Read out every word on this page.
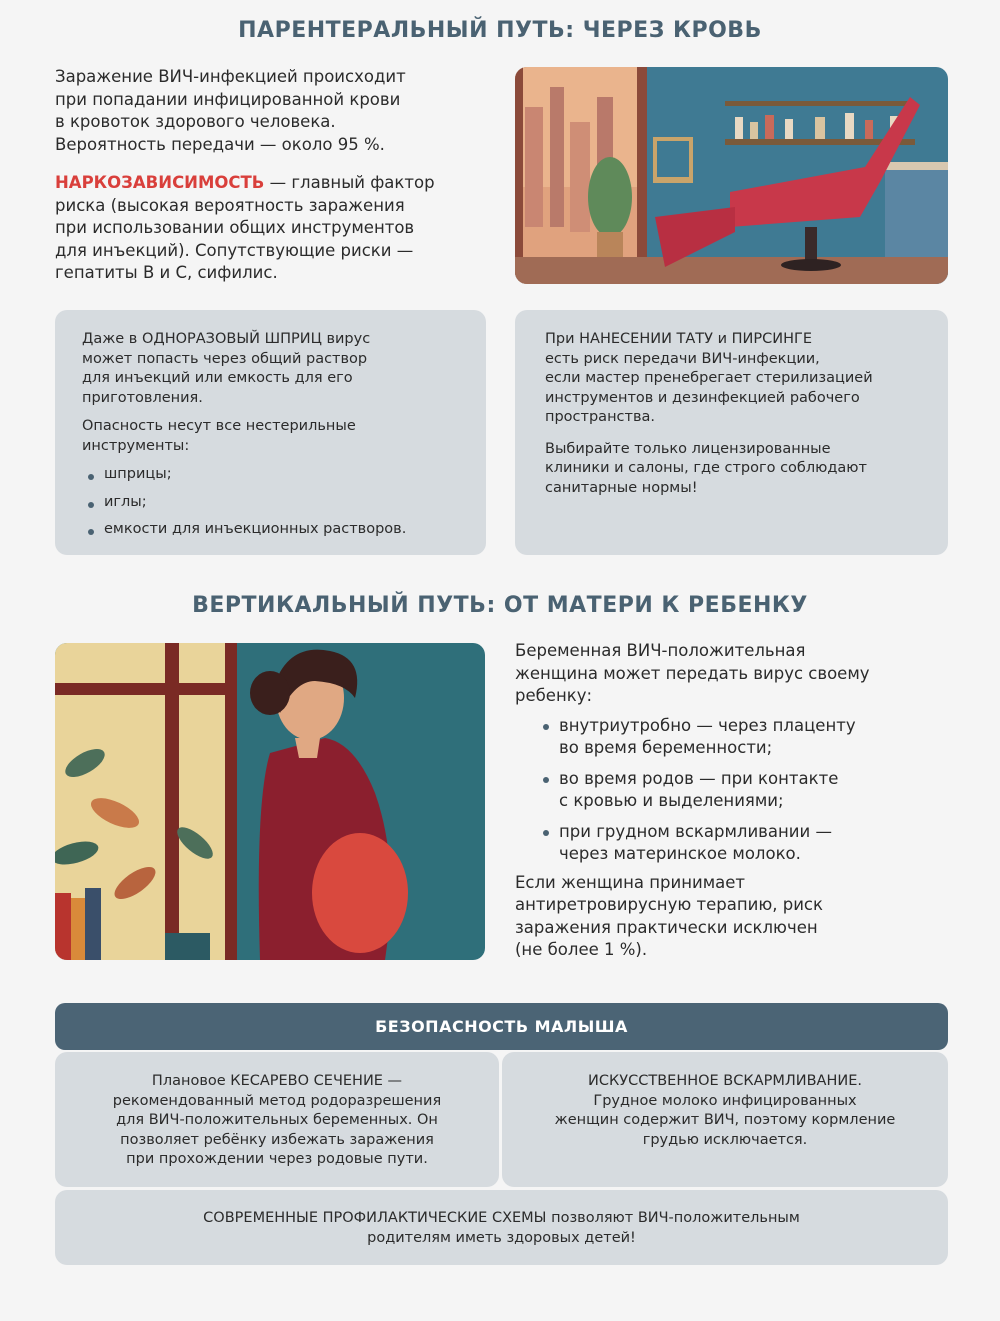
ПАРЕНТЕРАЛЬНЫЙ ПУТЬ: ЧЕРЕЗ КРОВЬ
Заражение ВИЧ-инфекцией происходит
при попадании инфицированной крови
в кровоток здорового человека.
Вероятность передачи — около 95 %.
НАРКОЗАВИСИМОСТЬ — главный фактор
риска (высокая вероятность заражения
при использовании общих инструментов
для инъекций). Сопутствующие риски —
гепатиты В и С, сифилис.
Даже в ОДНОРАЗОВЫЙ ШПРИЦ вирус
может попасть через общий раствор
для инъекций или емкость для его
приготовления.
Опасность несут все нестерильные
инструменты:
шприцы;
иглы;
емкости для инъекционных растворов.
При НАНЕСЕНИИ ТАТУ и ПИРСИНГЕ
есть риск передачи ВИЧ-инфекции,
если мастер пренебрегает стерилизацией
инструментов и дезинфекцией рабочего
пространства.
Выбирайте только лицензированные
клиники и салоны, где строго соблюдают
санитарные нормы!
ВЕРТИКАЛЬНЫЙ ПУТЬ: ОТ МАТЕРИ К РЕБЕНКУ
Беременная ВИЧ-положительная
женщина может передать вирус своему
ребенку:
внутриутробно — через плаценту
во время беременности;
во время родов — при контакте
с кровью и выделениями;
при грудном вскармливании —
через материнское молоко.
Если женщина принимает
антиретровирусную терапию, риск
заражения практически исключен
(не более 1 %).
БЕЗОПАСНОСТЬ МАЛЫША
Плановое КЕСАРЕВО СЕЧЕНИЕ —
рекомендованный метод родоразрешения
для ВИЧ-положительных беременных. Он
позволяет ребёнку избежать заражения
при прохождении через родовые пути.
ИСКУССТВЕННОЕ ВСКАРМЛИВАНИЕ.
Грудное молоко инфицированных
женщин содержит ВИЧ, поэтому кормление
грудью исключается.
СОВРЕМЕННЫЕ ПРОФИЛАКТИЧЕСКИЕ СХЕМЫ позволяют ВИЧ-положительным
родителям иметь здоровых детей!
